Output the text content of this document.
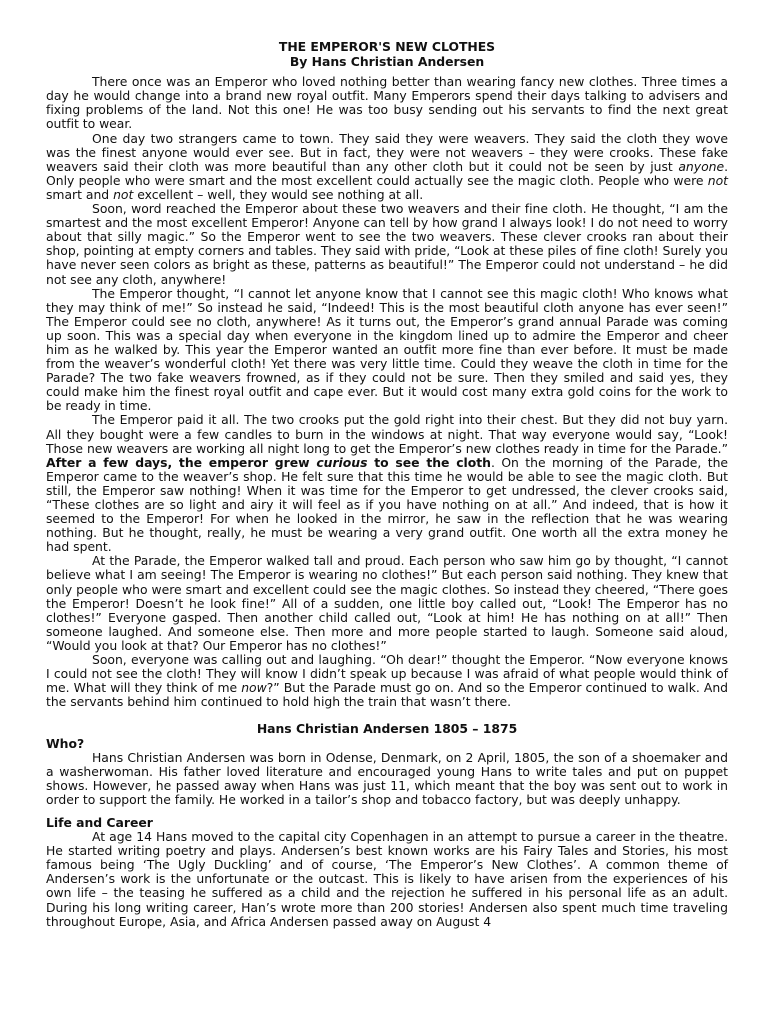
THE EMPEROR'S NEW CLOTHES
By Hans Christian Andersen

There once was an Emperor who loved nothing better than wearing fancy new clothes. Three times a day he would change into a brand new royal outfit. Many Emperors spend their days talking to advisers and fixing problems of the land. Not this one! He was too busy sending out his servants to find the next great outfit to wear.

One day two strangers came to town. They said they were weavers. They said the cloth they wove was the finest anyone would ever see. But in fact, they were not weavers – they were crooks. These fake weavers said their cloth was more beautiful than any other cloth but it could not be seen by just anyone. Only people who were smart and the most excellent could actually see the magic cloth. People who were not smart and not excellent – well, they would see nothing at all.

Soon, word reached the Emperor about these two weavers and their fine cloth. He thought, “I am the smartest and the most excellent Emperor! Anyone can tell by how grand I always look! I do not need to worry about that silly magic.” So the Emperor went to see the two weavers. These clever crooks ran about their shop, pointing at empty corners and tables. They said with pride, “Look at these piles of fine cloth! Surely you have never seen colors as bright as these, patterns as beautiful!” The Emperor could not understand – he did not see any cloth, anywhere!

The Emperor thought, “I cannot let anyone know that I cannot see this magic cloth! Who knows what they may think of me!” So instead he said, “Indeed! This is the most beautiful cloth anyone has ever seen!” The Emperor could see no cloth, anywhere! As it turns out, the Emperor’s grand annual Parade was coming up soon. This was a special day when everyone in the kingdom lined up to admire the Emperor and cheer him as he walked by. This year the Emperor wanted an outfit more fine than ever before. It must be made from the weaver’s wonderful cloth! Yet there was very little time. Could they weave the cloth in time for the Parade? The two fake weavers frowned, as if they could not be sure. Then they smiled and said yes, they could make him the finest royal outfit and cape ever. But it would cost many extra gold coins for the work to be ready in time.

The Emperor paid it all. The two crooks put the gold right into their chest. But they did not buy yarn. All they bought were a few candles to burn in the windows at night. That way everyone would say, “Look! Those new weavers are working all night long to get the Emperor’s new clothes ready in time for the Parade.” After a few days, the emperor grew curious to see the cloth. On the morning of the Parade, the Emperor came to the weaver’s shop. He felt sure that this time he would be able to see the magic cloth. But still, the Emperor saw nothing! When it was time for the Emperor to get undressed, the clever crooks said, “These clothes are so light and airy it will feel as if you have nothing on at all.” And indeed, that is how it seemed to the Emperor! For when he looked in the mirror, he saw in the reflection that he was wearing nothing. But he thought, really, he must be wearing a very grand outfit. One worth all the extra money he had spent.

At the Parade, the Emperor walked tall and proud. Each person who saw him go by thought, “I cannot believe what I am seeing! The Emperor is wearing no clothes!” But each person said nothing. They knew that only people who were smart and excellent could see the magic clothes. So instead they cheered, “There goes the Emperor! Doesn’t he look fine!” All of a sudden, one little boy called out, “Look! The Emperor has no clothes!” Everyone gasped. Then another child called out, “Look at him! He has nothing on at all!” Then someone laughed. And someone else. Then more and more people started to laugh. Someone said aloud, “Would you look at that? Our Emperor has no clothes!”

Soon, everyone was calling out and laughing. “Oh dear!” thought the Emperor. “Now everyone knows I could not see the cloth! They will know I didn’t speak up because I was afraid of what people would think of me. What will they think of me now?” But the Parade must go on. And so the Emperor continued to walk. And the servants behind him continued to hold high the train that wasn’t there.

Hans Christian Andersen 1805 – 1875
Who?

Hans Christian Andersen was born in Odense, Denmark, on 2 April, 1805, the son of a shoemaker and a washerwoman. His father loved literature and encouraged young Hans to write tales and put on puppet shows. However, he passed away when Hans was just 11, which meant that the boy was sent out to work in order to support the family. He worked in a tailor’s shop and tobacco factory, but was deeply unhappy.

Life and Career

At age 14 Hans moved to the capital city Copenhagen in an attempt to pursue a career in the theatre. He started writing poetry and plays. Andersen’s best known works are his Fairy Tales and Stories, his most famous being ‘The Ugly Duckling’ and of course, ‘The Emperor’s New Clothes’. A common theme of Andersen’s work is the unfortunate or the outcast. This is likely to have arisen from the experiences of his own life – the teasing he suffered as a child and the rejection he suffered in his personal life as an adult. During his long writing career, Han’s wrote more than 200 stories! Andersen also spent much time traveling throughout Europe, Asia, and Africa Andersen passed away on August 4
